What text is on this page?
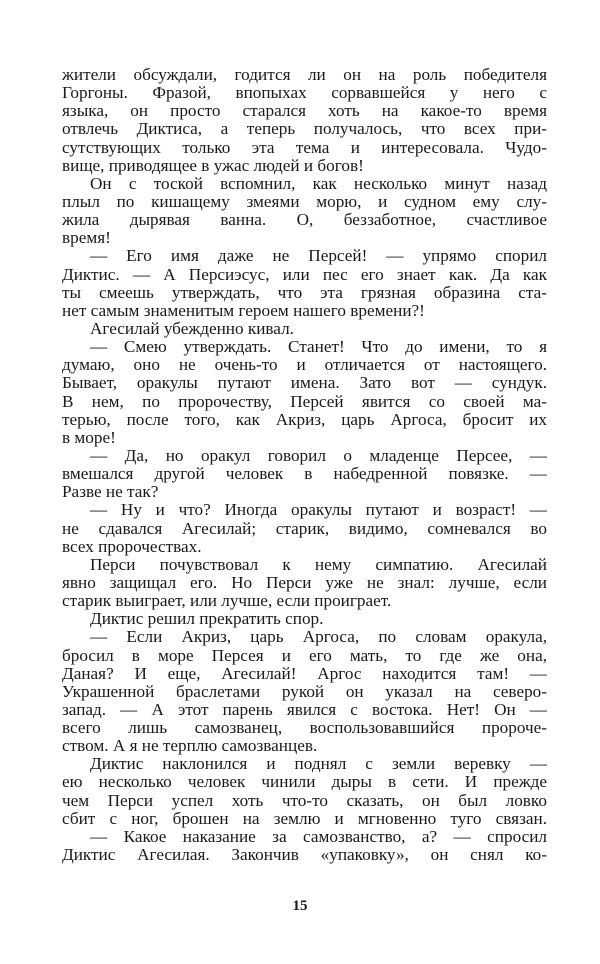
жители обсуждали, годится ли он на роль победителя
Горгоны. Фразой, впопыхах сорвавшейся у него с
языка, он просто старался хоть на какое-то время
отвлечь Диктиса, а теперь получалось, что всех при-
сутствующих только эта тема и интересовала. Чудо-
вище, приводящее в ужас людей и богов!
Он с тоской вспомнил, как несколько минут назад
плыл по кишащему змеями морю, и судном ему слу-
жила дырявая ванна. О, беззаботное, счастливое
время!
— Его имя даже не Персей! — упрямо спорил
Диктис. — А Персиэсус, или пес его знает как. Да как
ты смеешь утверждать, что эта грязная образина ста-
нет самым знаменитым героем нашего времени?!
Агесилай убежденно кивал.
— Смею утверждать. Станет! Что до имени, то я
думаю, оно не очень-то и отличается от настоящего.
Бывает, оракулы путают имена. Зато вот — сундук.
В нем, по пророчеству, Персей явится со своей ма-
терью, после того, как Акриз, царь Аргоса, бросит их
в море!
— Да, но оракул говорил о младенце Персее, —
вмешался другой человек в набедренной повязке. —
Разве не так?
— Ну и что? Иногда оракулы путают и возраст! —
не сдавался Агесилай; старик, видимо, сомневался во
всех пророчествах.
Перси почувствовал к нему симпатию. Агесилай
явно защищал его. Но Перси уже не знал: лучше, если
старик выиграет, или лучше, если проиграет.
Диктис решил прекратить спор.
— Если Акриз, царь Аргоса, по словам оракула,
бросил в море Персея и его мать, то где же она,
Даная? И еще, Агесилай! Аргос находится там! —
Украшенной браслетами рукой он указал на северо-
запад. — А этот парень явился с востока. Нет! Он —
всего лишь самозванец, воспользовавшийся пророче-
ством. А я не терплю самозванцев.
Диктис наклонился и поднял с земли веревку —
ею несколько человек чинили дыры в сети. И прежде
чем Перси успел хоть что-то сказать, он был ловко
сбит с ног, брошен на землю и мгновенно туго связан.
— Какое наказание за самозванство, а? — спросил
Диктис Агесилая. Закончив «упаковку», он снял ко-
15
